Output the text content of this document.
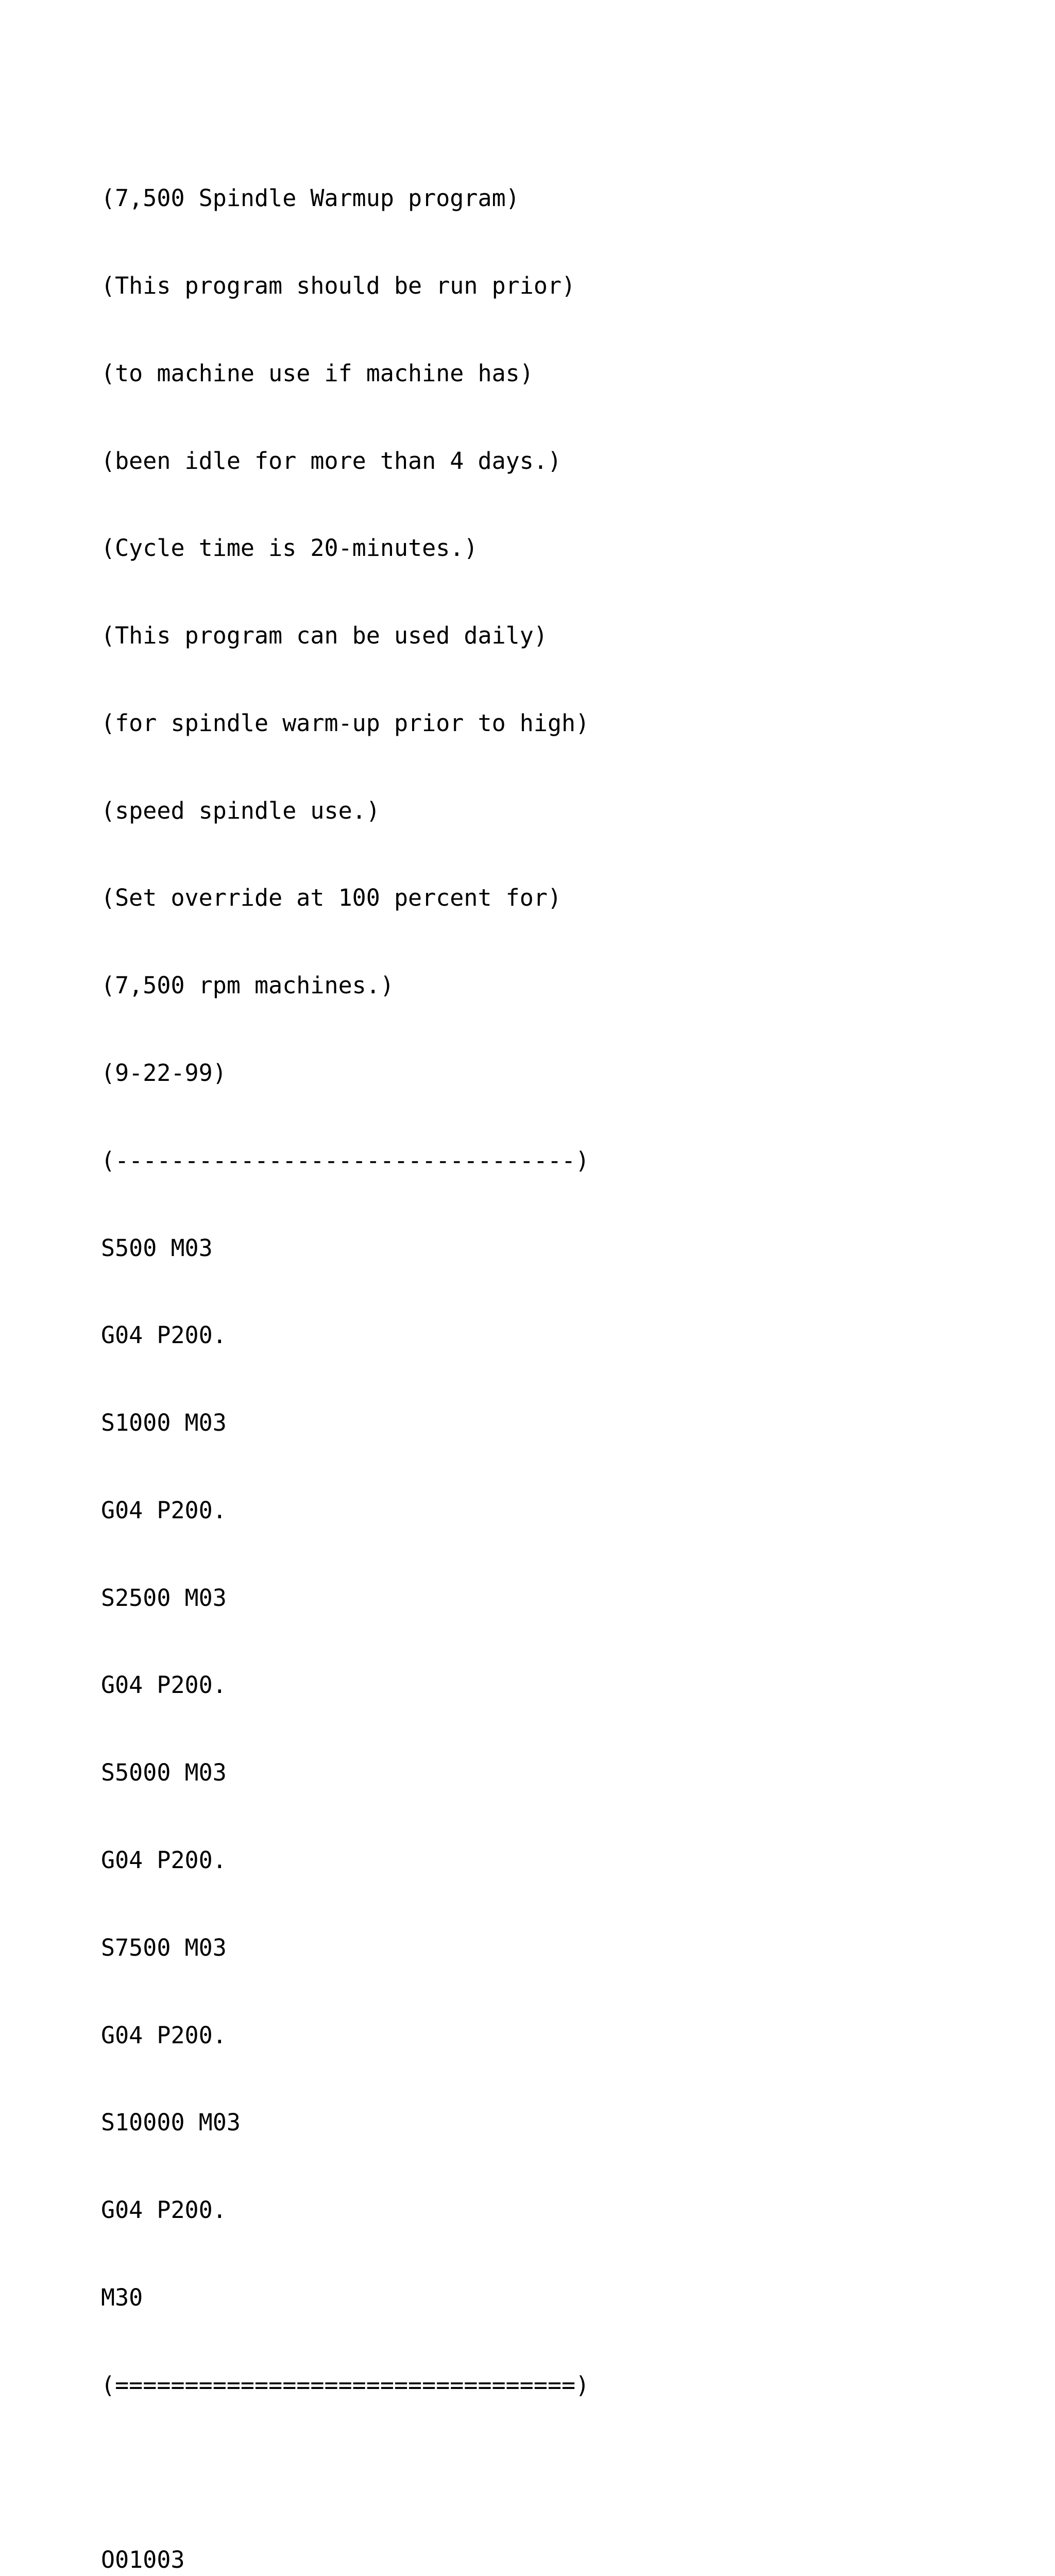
(7,500 Spindle Warmup program)

(This program should be run prior)

(to machine use if machine has)

(been idle for more than 4 days.)

(Cycle time is 20-minutes.)

(This program can be used daily)

(for spindle warm-up prior to high)

(speed spindle use.)

(Set override at 100 percent for)

(7,500 rpm machines.)

(9-22-99)

(---------------------------------)

S500 M03

G04 P200.

S1000 M03

G04 P200.

S2500 M03

G04 P200.

S5000 M03

G04 P200.

S7500 M03

G04 P200.

S10000 M03

G04 P200.

M30

(=================================)

O01003
